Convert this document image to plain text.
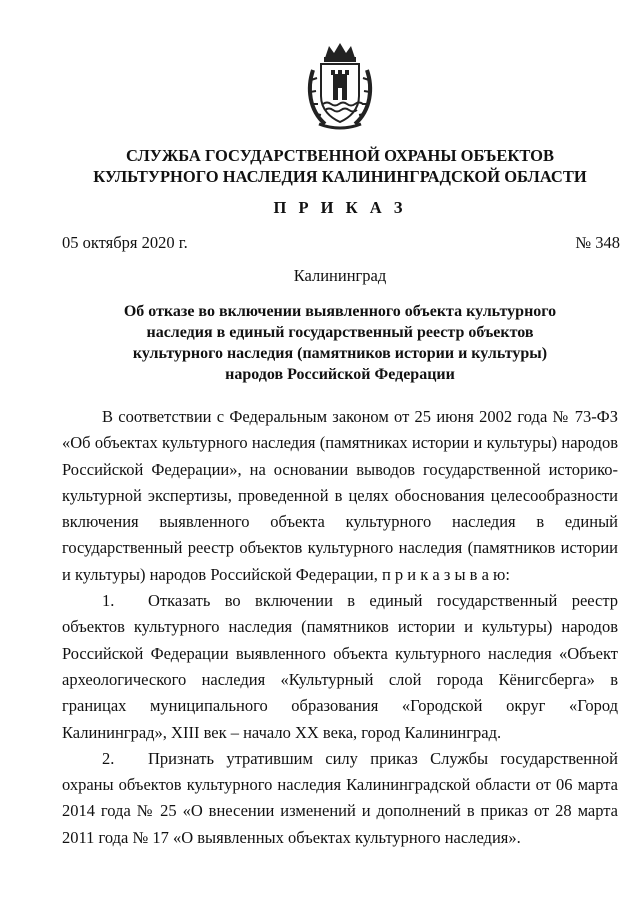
СЛУЖБА ГОСУДАРСТВЕННОЙ ОХРАНЫ ОБЪЕКТОВ
КУЛЬТУРНОГО НАСЛЕДИЯ КАЛИНИНГРАДСКОЙ ОБЛАСТИ
П Р И К А З
05 октября 2020 г.	№ 348
Калининград
Об отказе во включении выявленного объекта культурного
наследия в единый государственный реестр объектов
культурного наследия (памятников истории и культуры)
народов Российской Федерации

В соответствии с Федеральным законом от 25 июня 2002 года № 73-ФЗ «Об объектах культурного наследия (памятниках истории и культуры) народов Российской Федерации», на основании выводов государственной историко-культурной экспертизы, проведенной в целях обоснования целесообразности включения выявленного объекта культурного наследия в единый государственный реестр объектов культурного наследия (памятников истории и культуры) народов Российской Федерации, п р и к а з ы в а ю:

1. Отказать во включении в единый государственный реестр объектов культурного наследия (памятников истории и культуры) народов Российской Федерации выявленного объекта культурного наследия «Объект археологического наследия «Культурный слой города Кёнигсберга» в границах муниципального образования «Городской округ «Город Калининград», XIII век – начало XX века, город Калининград.

2. Признать утратившим силу приказ Службы государственной охраны объектов культурного наследия Калининградской области от 06 марта 2014 года № 25 «О внесении изменений и дополнений в приказ от 28 марта 2011 года № 17 «О выявленных объектах культурного наследия».
